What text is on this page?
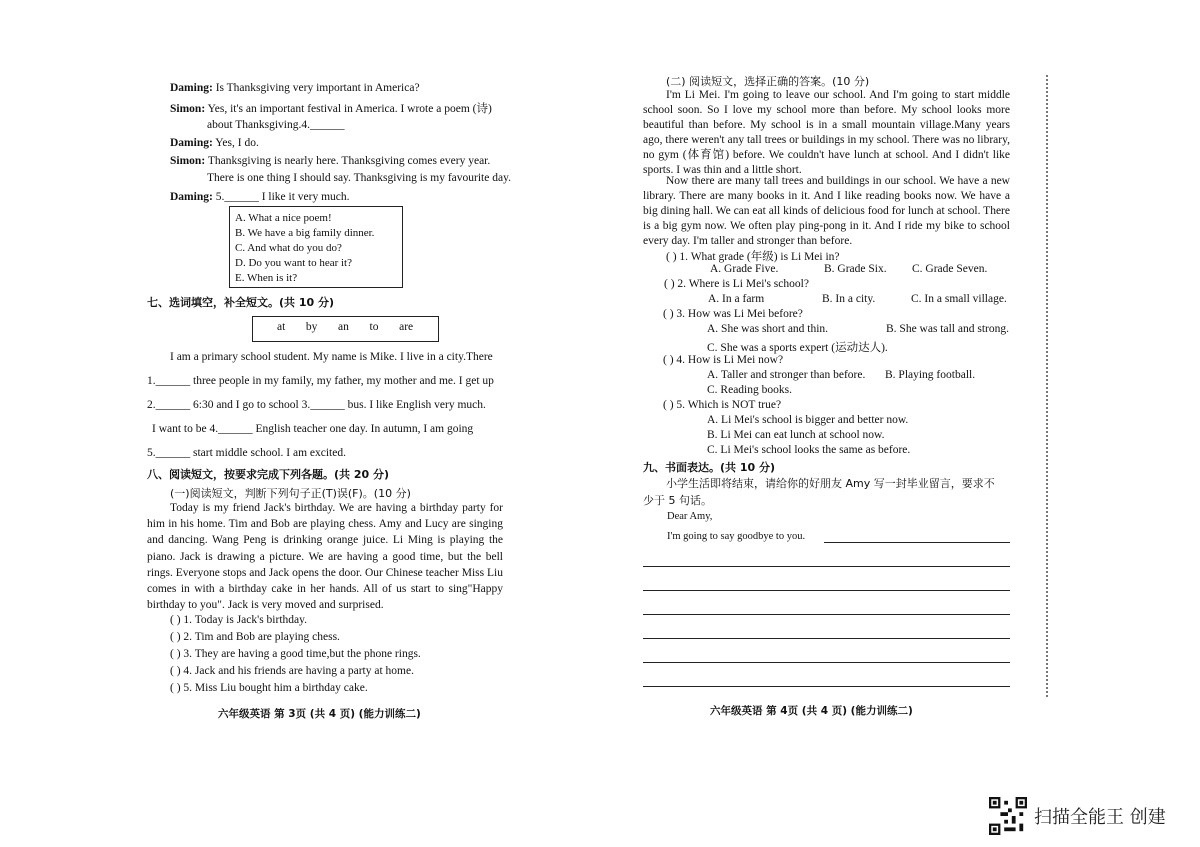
Daming: Is Thanksgiving very important in America?
Simon: Yes, it's an important festival in America. I wrote a poem (诗)
about Thanksgiving.4.______
Daming: Yes, I do.
Simon: Thanksgiving is nearly here. Thanksgiving comes every year.
There is one thing I should say. Thanksgiving is my favourite day.
Daming: 5.______ I like it very much.
A. What a nice poem!
B. We have a big family dinner.
C. And what do you do?
D. Do you want to hear it?
E. When is it?
七、选词填空，补全短文。(共 10 分)
at   by   an   to   are
I am a primary school student. My name is Mike. I live in a city.There
1.______ three people in my family, my father, my mother and me. I get up
2.______ 6:30 and I go to school 3.______ bus. I like English very much.
I want to be 4.______ English teacher one day. In autumn, I am going
5.______ start middle school. I am excited.
八、阅读短文，按要求完成下列各题。(共 20 分)
(一)阅读短文，判断下列句子正(T)误(F)。(10 分)
Today is my friend Jack's birthday. We are having a birthday party for him in his home. Tim and Bob are playing chess. Amy and Lucy are singing and dancing. Wang Peng is drinking orange juice. Li Ming is playing the piano. Jack is drawing a picture. We are having a good time, but the bell rings. Everyone stops and Jack opens the door. Our Chinese teacher Miss Liu comes in with a birthday cake in her hands. All of us start to sing"Happy birthday to you". Jack is very moved and surprised.
( ) 1. Today is Jack's birthday.
( ) 2. Tim and Bob are playing chess.
( ) 3. They are having a good time,but the phone rings.
( ) 4. Jack and his friends are having a party at home.
( ) 5. Miss Liu bought him a birthday cake.
六年级英语 第 3页 (共 4 页) (能力训练二)
(二) 阅读短文，选择正确的答案。(10 分)
I'm Li Mei. I'm going to leave our school. And I'm going to start middle school soon. So I love my school more than before. My school looks more beautiful than before. My school is in a small mountain village.Many years ago, there weren't any tall trees or buildings in my school. There was no library, no gym (体育馆) before. We couldn't have lunch at school. And I didn't like sports. I was thin and a little short.
Now there are many tall trees and buildings in our school. We have a new library. There are many books in it. And I like reading books now. We have a big dining hall. We can eat all kinds of delicious food for lunch at school. There is a big gym now. We often play ping-pong in it. And I ride my bike to school every day. I'm taller and stronger than before.
( ) 1. What grade (年级) is Li Mei in?
A. Grade Five.	B. Grade Six. C. Grade Seven.
( ) 2. Where is Li Mei's school?
A. In a farm	B. In a city.	C. In a small village.
( ) 3. How was Li Mei before?
A. She was short and thin.	B. She was tall and strong.
C. She was a sports expert (运动达人).
( ) 4. How is Li Mei now?
A. Taller and stronger than before. B. Playing football.
C. Reading books.
( ) 5. Which is NOT true?
A. Li Mei's school is bigger and better now.
B. Li Mei can eat lunch at school now.
C. Li Mei's school looks the same as before.
九、书面表达。(共 10 分)
小学生活即将结束，请给你的好朋友 Amy 写一封毕业留言，要求不
少于 5 句话。
Dear Amy,
I'm going to say goodbye to you.
六年级英语 第 4页 (共 4 页) (能力训练二)
扫描全能王 创建
